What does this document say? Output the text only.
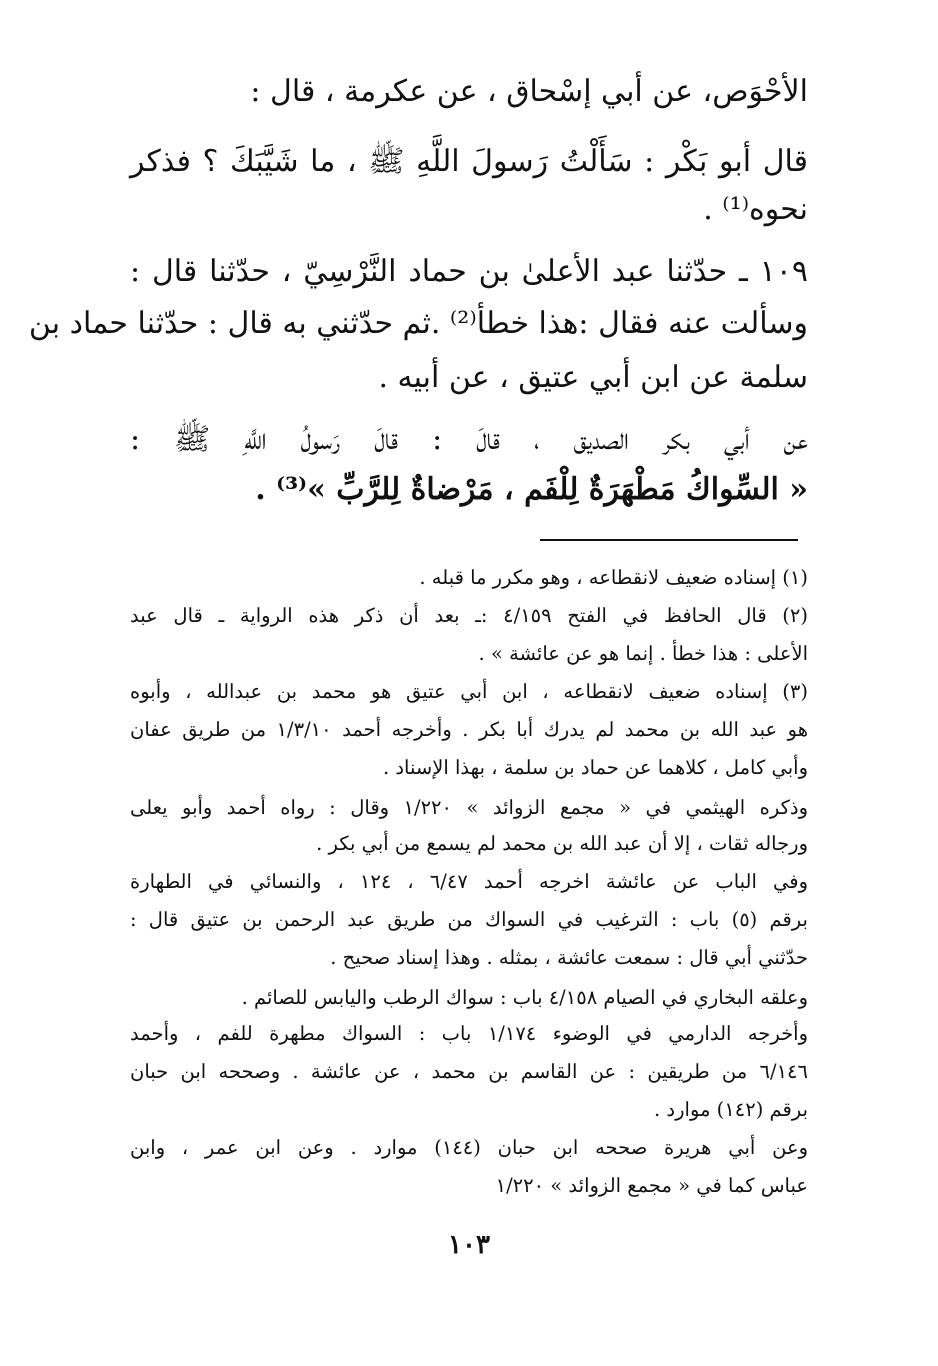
الأحْوَص، عن أبي إسْحاق ، عن عكرمة ، قال :
قال أبو بَكْر : سَأَلْتُ رَسولَ اللَّهِ ﷺ ، ما شَيَّبَكَ ؟ فذكر
نحوه⁽¹⁾ .
١٠٩ ـ حدّثنا عبد الأعلىٰ بن حماد النَّرْسِيّ ، حدّثنا قال :
وسألت عنه فقال :هذا خطأ⁽²⁾ .ثم حدّثني به قال : حدّثنا حماد بن
سلمة عن ابن أبي عتيق ، عن أبيه .
عن أبي بكر الصديق ، قالَ : قالَ رَسولُ اللَّهِ ﷺ :
« السِّواكُ مَطْهَرَةٌ لِلْفَم ، مَرْضاةٌ لِلرَّبِّ »⁽³⁾ .
(١) إسناده ضعيف لانقطاعه ، وهو مكرر ما قبله .
(٢) قال الحافظ في الفتح ٤/١٥٩ :ـ بعد أن ذكر هذه الرواية ـ قال عبد
الأعلى : هذا خطأ . إنما هو عن عائشة » .
(٣) إسناده ضعيف لانقطاعه ، ابن أبي عتيق هو محمد بن عبدالله ، وأبوه
هو عبد الله بن محمد لم يدرك أبا بكر . وأخرجه أحمد ١/٣/١٠ من طريق عفان
وأبي كامل ، كلاهما عن حماد بن سلمة ، بهذا الإسناد .
وذكره الهيثمي في « مجمع الزوائد » ١/٢٢٠ وقال : رواه أحمد وأبو يعلى
ورجاله ثقات ، إلا أن عبد الله بن محمد لم يسمع من أبي بكر .
وفي الباب عن عائشة اخرجه أحمد ٦/٤٧ ، ١٢٤ ، والنسائي في الطهارة
برقم (٥) باب : الترغيب في السواك من طريق عبد الرحمن بن عتيق قال :
حدّثني أبي قال : سمعت عائشة ، بمثله . وهذا إسناد صحيح .
وعلقه البخاري في الصيام ٤/١٥٨ باب : سواك الرطب واليابس للصائم .
وأخرجه الدارمي في الوضوء ١/١٧٤ باب : السواك مطهرة للفم ، وأحمد
٦/١٤٦ من طريقين : عن القاسم بن محمد ، عن عائشة . وصححه ابن حبان
برقم (١٤٢) موارد .
وعن أبي هريرة صححه ابن حبان (١٤٤) موارد . وعن ابن عمر ، وابن
عباس كما في « مجمع الزوائد » ١/٢٢٠
١٠٣
